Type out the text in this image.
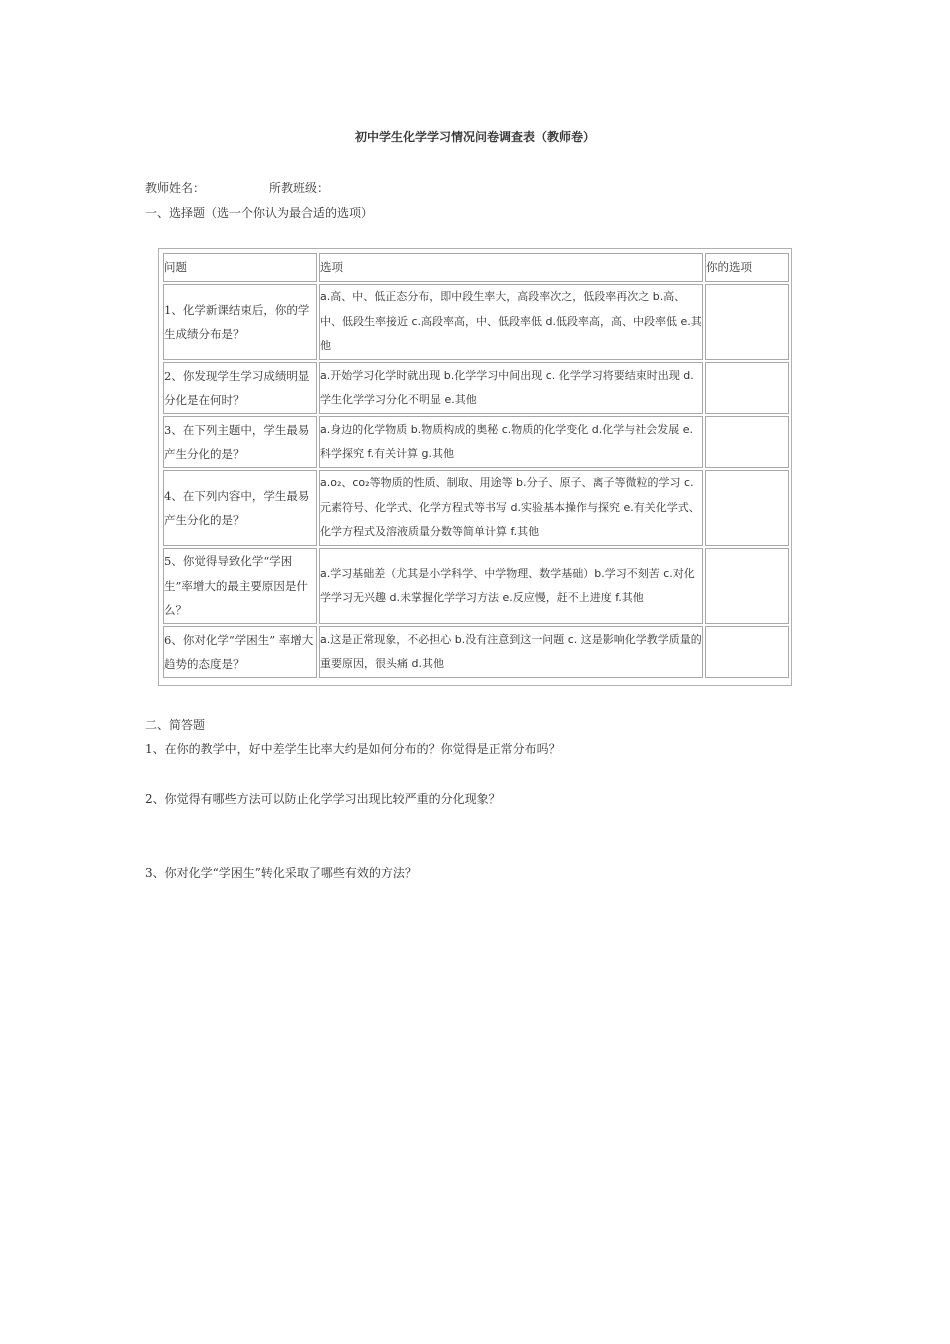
初中学生化学学习情况问卷调查表（教师卷）
教师姓名：	所教班级：
一、选择题（选一个你认为最合适的选项）
问题	选项	你的选项
1、化学新课结束后，你的学生成绩分布是？	a.高、中、低正态分布，即中段生率大，高段率次之，低段率再次之 b.高、中、低段生率接近 c.高段率高，中、低段率低 d.低段率高，高、中段率低 e.其他	
2、你发现学生学习成绩明显分化是在何时？	a.开始学习化学时就出现 b.化学学习中间出现 c. 化学学习将要结束时出现 d.学生化学学习分化不明显 e.其他	
3、在下列主题中，学生最易产生分化的是？	a.身边的化学物质 b.物质构成的奥秘 c.物质的化学变化 d.化学与社会发展 e.科学探究 f.有关计算 g.其他	
4、在下列内容中，学生最易产生分化的是？	a.o₂、co₂等物质的性质、制取、用途等 b.分子、原子、离子等微粒的学习 c.元素符号、化学式、化学方程式等书写 d.实验基本操作与探究 e.有关化学式、化学方程式及溶液质量分数等简单计算 f.其他	
5、你觉得导致化学“学困生”率增大的最主要原因是什么？	a.学习基础差（尤其是小学科学、中学物理、数学基础）b.学习不刻苦 c.对化学学习无兴趣 d.未掌握化学学习方法 e.反应慢，赶不上进度 f.其他	
6、你对化学“学困生” 率增大趋势的态度是？	a.这是正常现象，不必担心 b.没有注意到这一问题 c. 这是影响化学教学质量的重要原因，很头痛 d.其他	
二、简答题
1、在你的教学中，好中差学生比率大约是如何分布的？你觉得是正常分布吗？
2、你觉得有哪些方法可以防止化学学习出现比较严重的分化现象？
3、你对化学“学困生”转化采取了哪些有效的方法？
